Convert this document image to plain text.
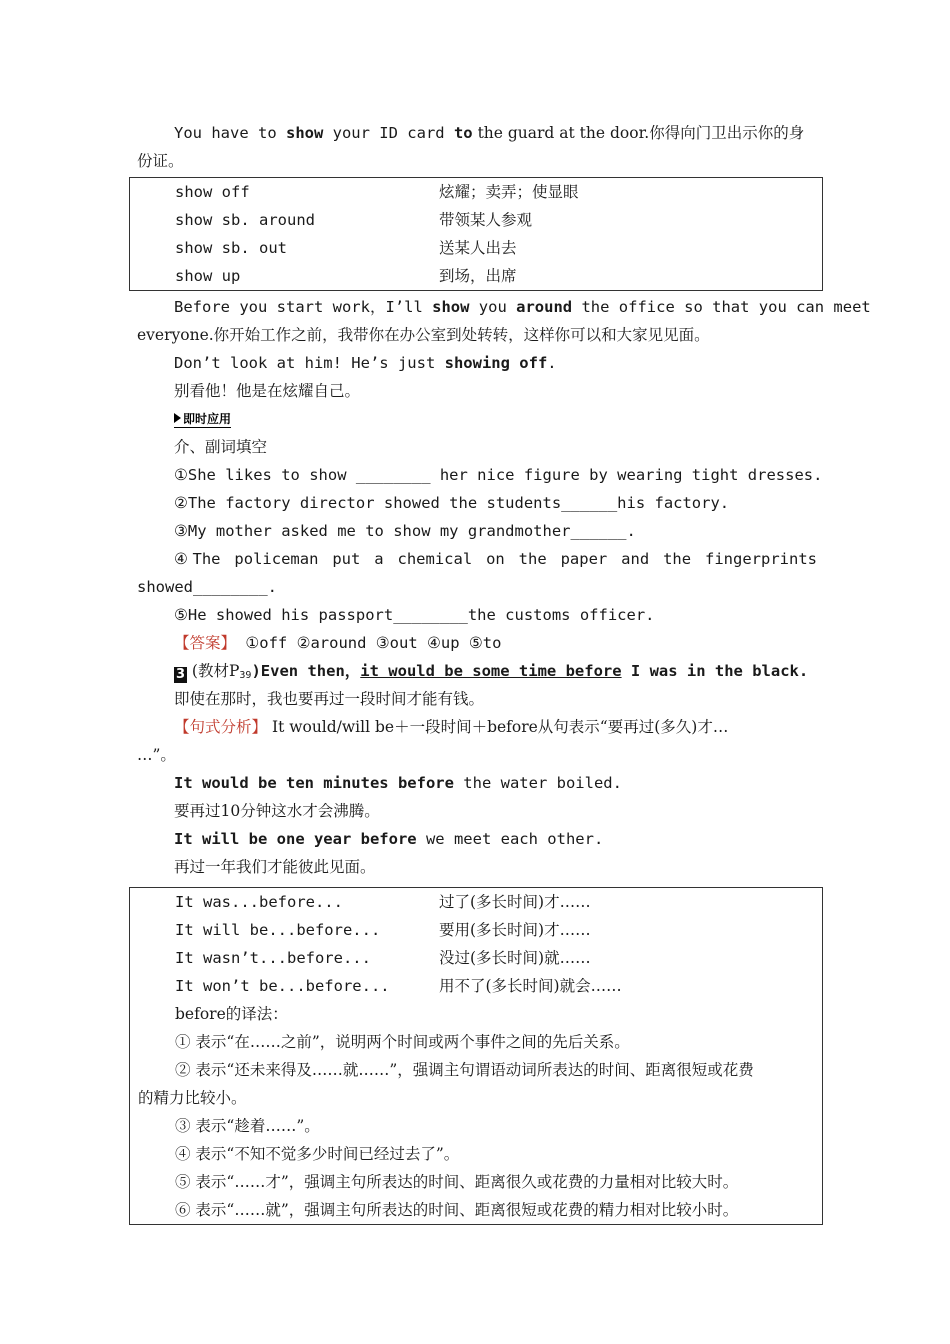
You have to show your ID card to the guard at the door.你得向门卫出示你的身
份证。
show off	炫耀；卖弄；使显眼
show sb. around	带领某人参观
show sb. out	送某人出去
show up	到场，出席
Before you start work，I’ll show you around the office so that you can meet
everyone.你开始工作之前，我带你在办公室到处转转，这样你可以和大家见见面。
Don’t look at him! He’s just showing off.
别看他！他是在炫耀自己。
即时应用
介、副词填空
①She likes to show ________ her nice figure by wearing tight dresses.
②The factory director showed the students______his factory.
③My mother asked me to show my grandmother______.
④The policeman put a chemical on the paper and the fingerprints
showed________.
⑤He showed his passport________the customs officer.
【答案】 ①off ②around ③out ④up ⑤to
3 (教材$P_{39})Even$ then，it would be some time before I was in the black.
即使在那时，我也要再过一段时间才能有钱。
【句式分析】 It would/will be＋一段时间＋before从句表示“要再过(多久)才…
…”。
It would be ten minutes before the water boiled.
要再过10分钟这水才会沸腾。
It will be one year before we meet each other.
再过一年我们才能彼此见面。
It was...before...	过了(多长时间)才……
It will be...before...	要用(多长时间)才……
It wasn’t...before...	没过(多长时间)就……
It won’t be...before...	用不了(多长时间)就会……
before的译法：
① 表示“在……之前”，说明两个时间或两个事件之间的先后关系。
② 表示“还未来得及……就……”，强调主句谓语动词所表达的时间、距离很短或花费
的精力比较小。
③ 表示“趁着……”。
④ 表示“不知不觉多少时间已经过去了”。
⑤ 表示“……才”，强调主句所表达的时间、距离很久或花费的力量相对比较大时。
⑥ 表示“……就”，强调主句所表达的时间、距离很短或花费的精力相对比较小时。
